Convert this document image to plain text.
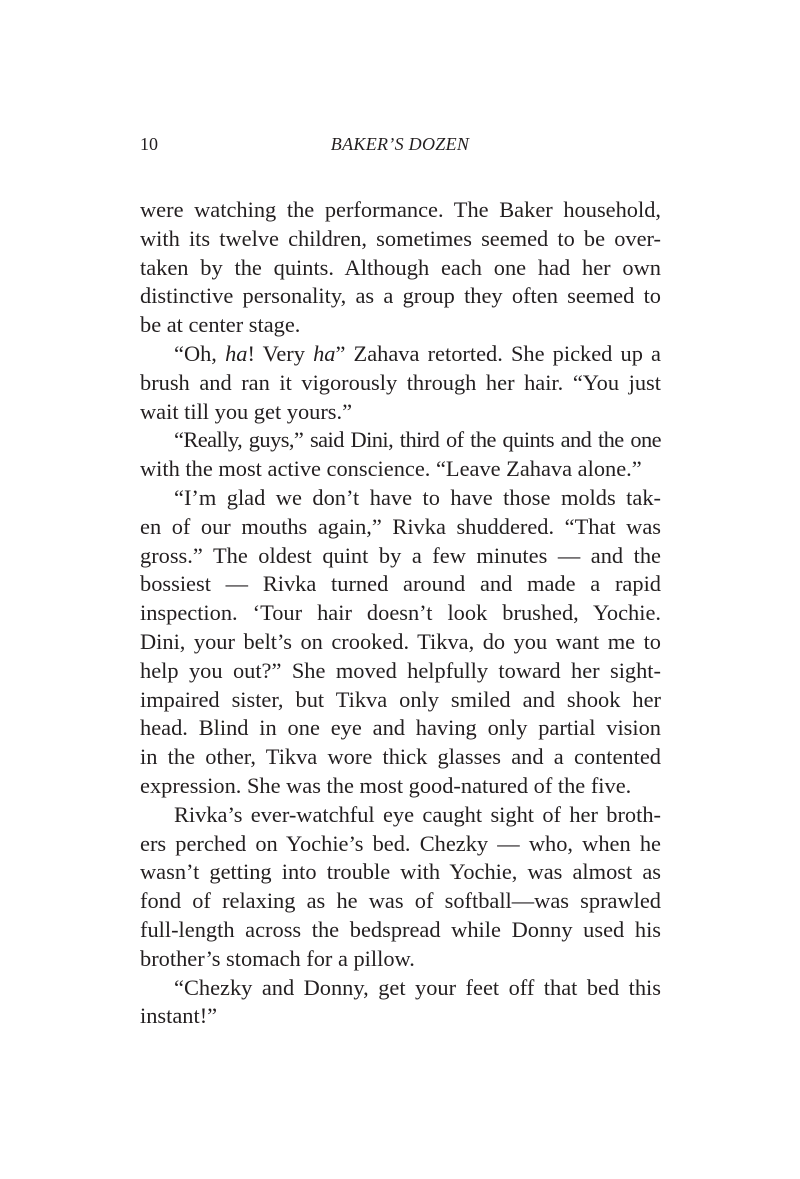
10	BAKER’S DOZEN

were watching the performance. The Baker household,
with its twelve children, sometimes seemed to be over-
taken by the quints. Although each one had her own
distinctive personality, as a group they often seemed to
be at center stage.

“Oh, ha! Very ha” Zahava retorted. She picked up a
brush and ran it vigorously through her hair. “You just
wait till you get yours.”

“Really, guys,” said Dini, third of the quints and the one
with the most active conscience. “Leave Zahava alone.”

“I’m glad we don’t have to have those molds tak-
en of our mouths again,” Rivka shuddered. “That was
gross.” The oldest quint by a few minutes — and the
bossiest — Rivka turned around and made a rapid
inspection. ‘Tour hair doesn’t look brushed, Yochie.
Dini, your belt’s on crooked. Tikva, do you want me to
help you out?” She moved helpfully toward her sight-
impaired sister, but Tikva only smiled and shook her
head. Blind in one eye and having only partial vision
in the other, Tikva wore thick glasses and a contented
expression. She was the most good-natured of the five.

Rivka’s ever-watchful eye caught sight of her broth-
ers perched on Yochie’s bed. Chezky — who, when he
wasn’t getting into trouble with Yochie, was almost as
fond of relaxing as he was of softball—was sprawled
full-length across the bedspread while Donny used his
brother’s stomach for a pillow.

“Chezky and Donny, get your feet off that bed this
instant!”
